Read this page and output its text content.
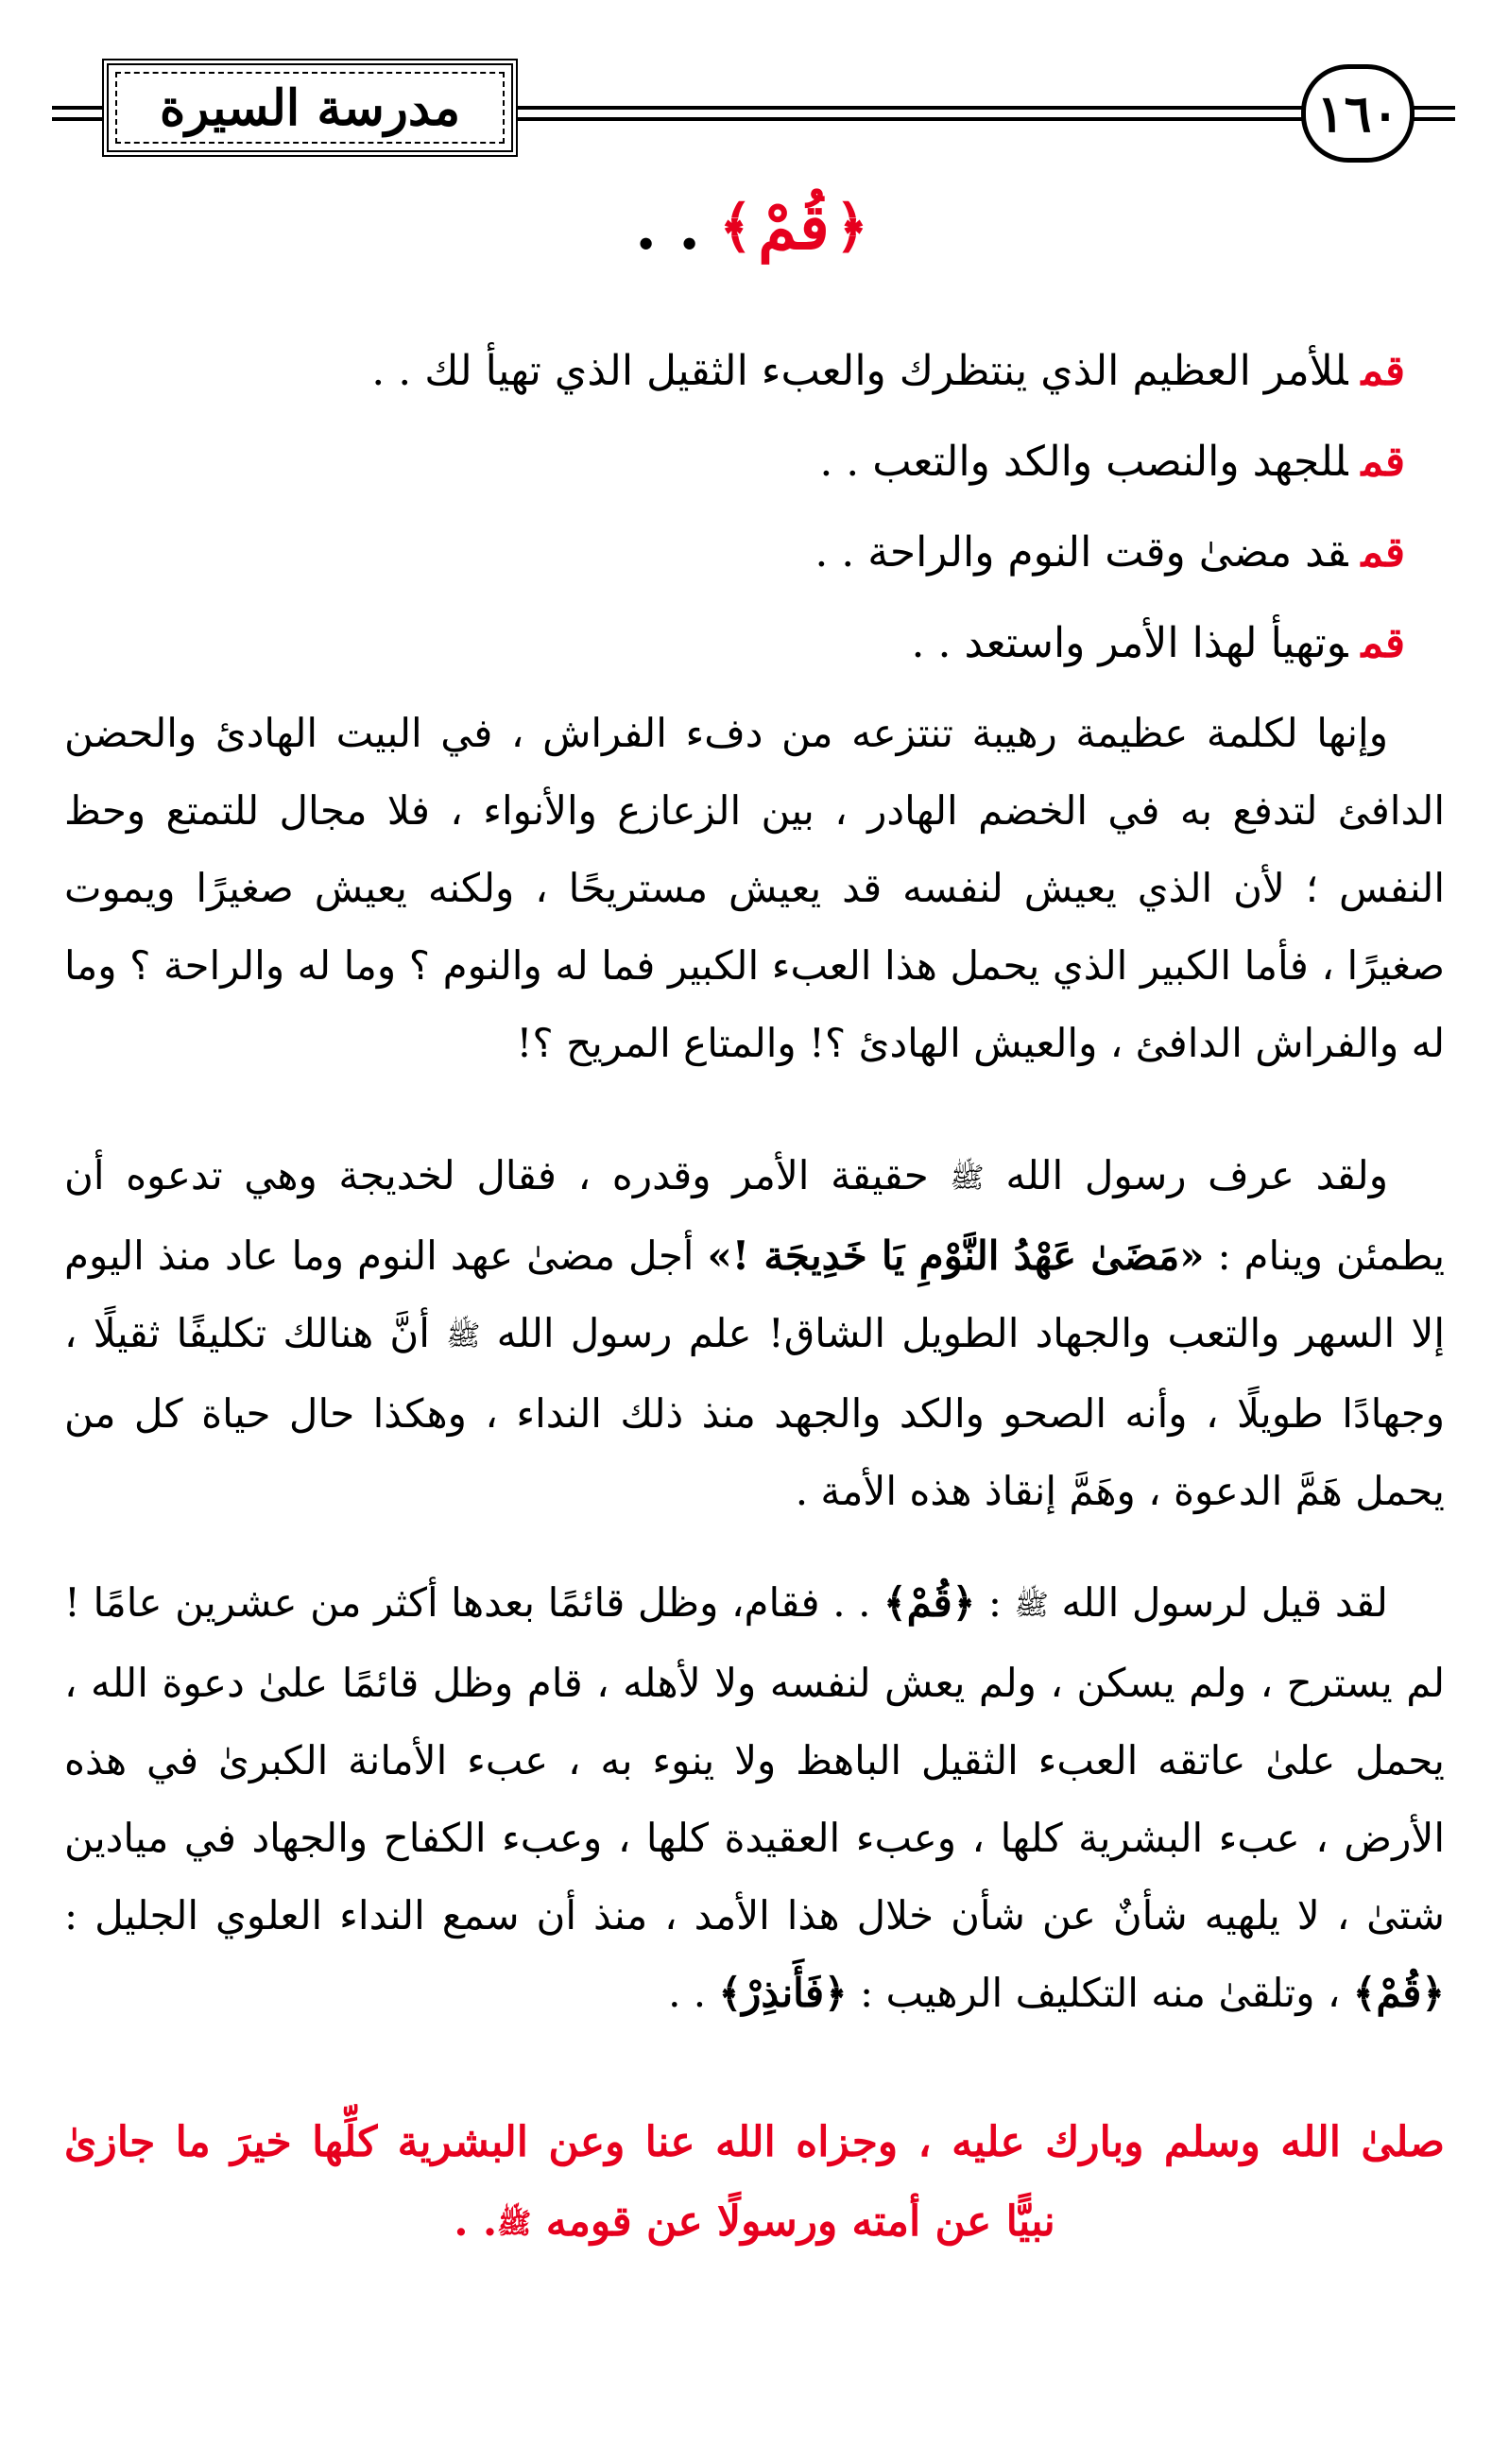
مدرسة السيرة	١٦٠
﴿
قُمْ
﴾
. .
قمللأمر العظيم الذي ينتظرك والعبء الثقيل الذي تهيأ لك . .
قمللجهد والنصب والكد والتعب . .
قمقد مضىٰ وقت النوم والراحة . .
قموتهيأ لهذا الأمر واستعد . .

وإنها لكلمة عظيمة رهيبة تنتزعه من دفء الفراش ، في البيت الهادئ والحضن الدافئ لتدفع به في الخضم الهادر ، بين الزعازع والأنواء ، فلا مجال للتمتع وحظ النفس ؛ لأن الذي يعيش لنفسه قد يعيش مستريحًا ، ولكنه يعيش صغيرًا ويموت صغيرًا ، فأما الكبير الذي يحمل هذا العبء الكبير فما له والنوم ؟ وما له والراحة ؟ وما له والفراش الدافئ ، والعيش الهادئ ؟! والمتاع المريح ؟!

ولقد عرف رسول الله ﷺ حقيقة الأمر وقدره ، فقال لخديجة وهي تدعوه أن يطمئن وينام : «مَضَىٰ عَهْدُ النَّوْمِ يَا خَدِيجَة !» أجل مضىٰ عهد النوم وما عاد منذ اليوم إلا السهر والتعب والجهاد الطويل الشاق! علم رسول الله ﷺ أنَّ هنالك تكليفًا ثقيلًا ، وجهادًا طويلًا ، وأنه الصحو والكد والجهد منذ ذلك النداء ، وهكذا حال حياة كل من يحمل هَمَّ الدعوة ، وهَمَّ إنقاذ هذه الأمة .

لقد قيل لرسول الله ﷺ : ﴿قُمْ﴾ . . فقام، وظل قائمًا بعدها أكثر من عشرين عامًا ! لم يسترح ، ولم يسكن ، ولم يعش لنفسه ولا لأهله ، قام وظل قائمًا علىٰ دعوة الله ، يحمل علىٰ عاتقه العبء الثقيل الباهظ ولا ينوء به ، عبء الأمانة الكبرىٰ في هذه الأرض ، عبء البشرية كلها ، وعبء العقيدة كلها ، وعبء الكفاح والجهاد في ميادين شتىٰ ، لا يلهيه شأنٌ عن شأن خلال هذا الأمد ، منذ أن سمع النداء العلوي الجليل : ﴿قُمْ﴾ ، وتلقىٰ منه التكليف الرهيب : ﴿فَأَنذِرْ﴾ . .

صلىٰ الله وسلم وبارك عليه ، وجزاه الله عنا وعن البشرية كلِّها خيرَ ما جازىٰ
نبيًّا عن أمته ورسولًا عن قومه ﷺ. .
